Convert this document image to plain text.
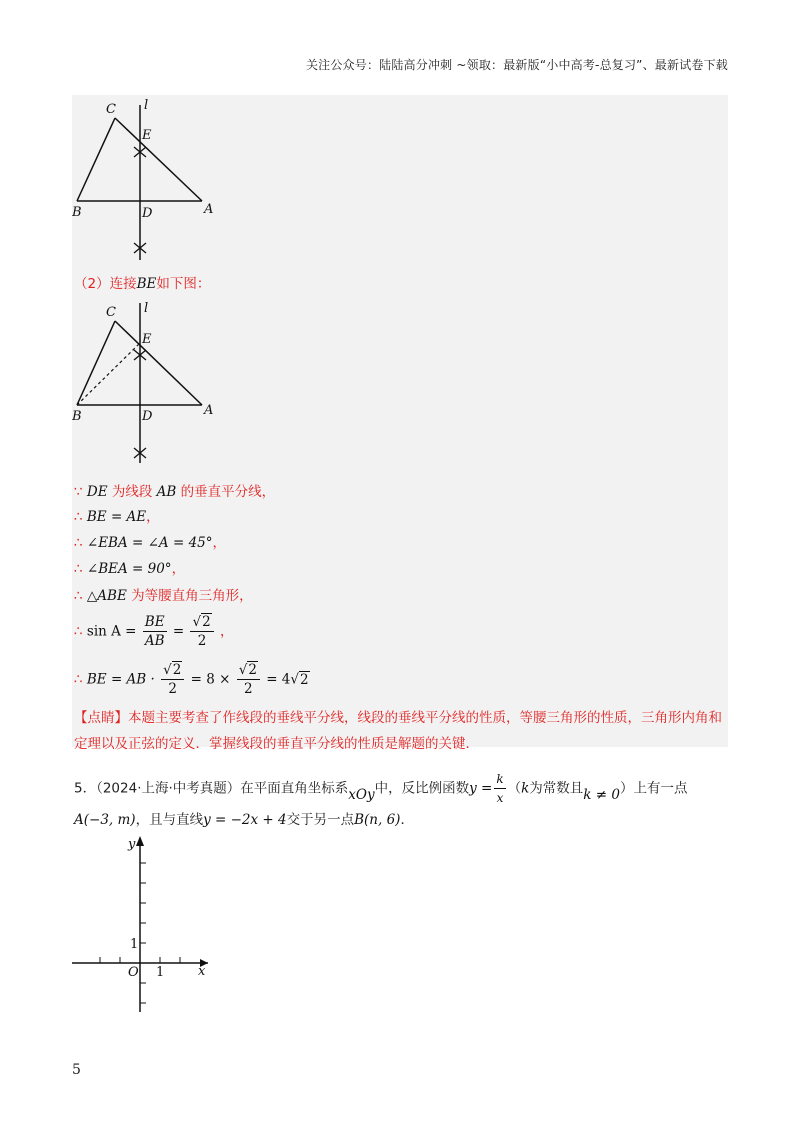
关注公众号：陆陆高分冲刺 ~领取：最新版“小中高考-总复习”、最新试卷下载
C l
E
B	D	A
（2）连接BE如下图：
C l
E
B	D	A
∵ DE 为线段 AB 的垂直平分线，
∴ BE = AE，
∴ ∠EBA = ∠A = 45°，
∴ ∠BEA = 90°，
∴ △ABE 为等腰直角三角形，
∴ $\sin A = \frac{BE}{AB} = \frac{√2}{2}$ ，
∴ BE = AB · $\frac{√2}{2} = 8 \times \frac{√2}{2} = 4√2$
【点睛】本题主要考查了作线段的垂线平分线，线段的垂线平分线的性质，等腰三角形的性质，三角形内角和定理以及正弦的定义．掌握线段的垂直平分线的性质是解题的关键．
5．（2024·上海·中考真题）在平面直角坐标系xOy中，反比例函数$y = \frac{k}{x} (k$为常数且k ≠ 0）上有一点
A(−3, m)，且与直线y = −2x + 4交于另一点B(n, 6)．
y
x
O 1
1
5
